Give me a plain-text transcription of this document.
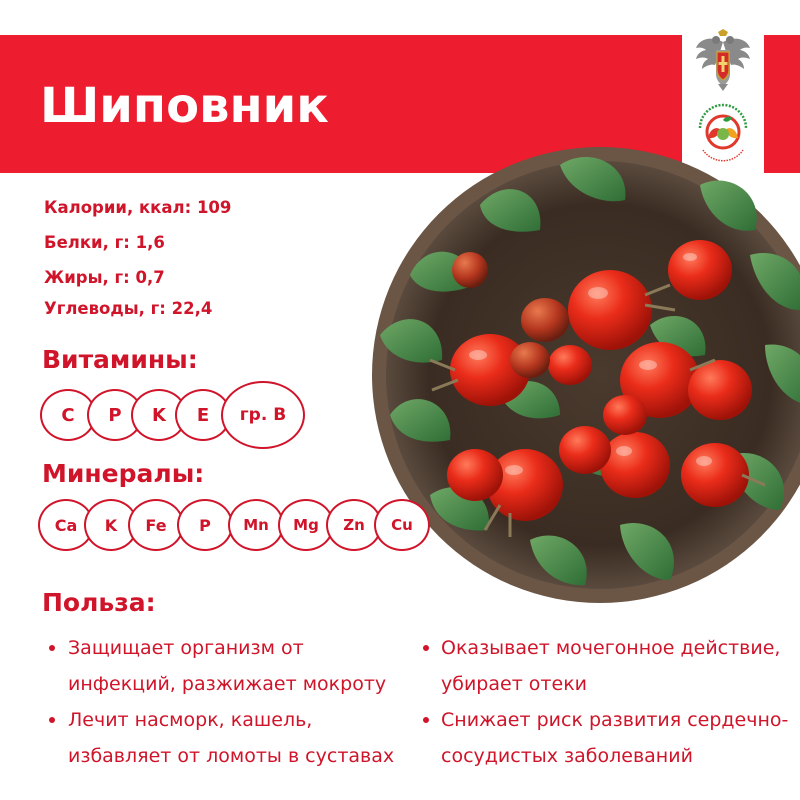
Шиповник
Калории, ккал: 109
Белки, г: 1,6
Жиры, г: 0,7
Углеводы, г: 22,4
Витамины:
C	P	K	E	гр. В
Минералы:
Ca	K	Fe	P	Mn	Mg	Zn	Cu
Польза:
Защищает организм от
инфекций, разжижает мокроту
Лечит насморк, кашель,
избавляет от ломоты в суставах
Оказывает мочегонное действие,
убирает отеки
Снижает риск развития сердечно-
сосудистых заболеваний
